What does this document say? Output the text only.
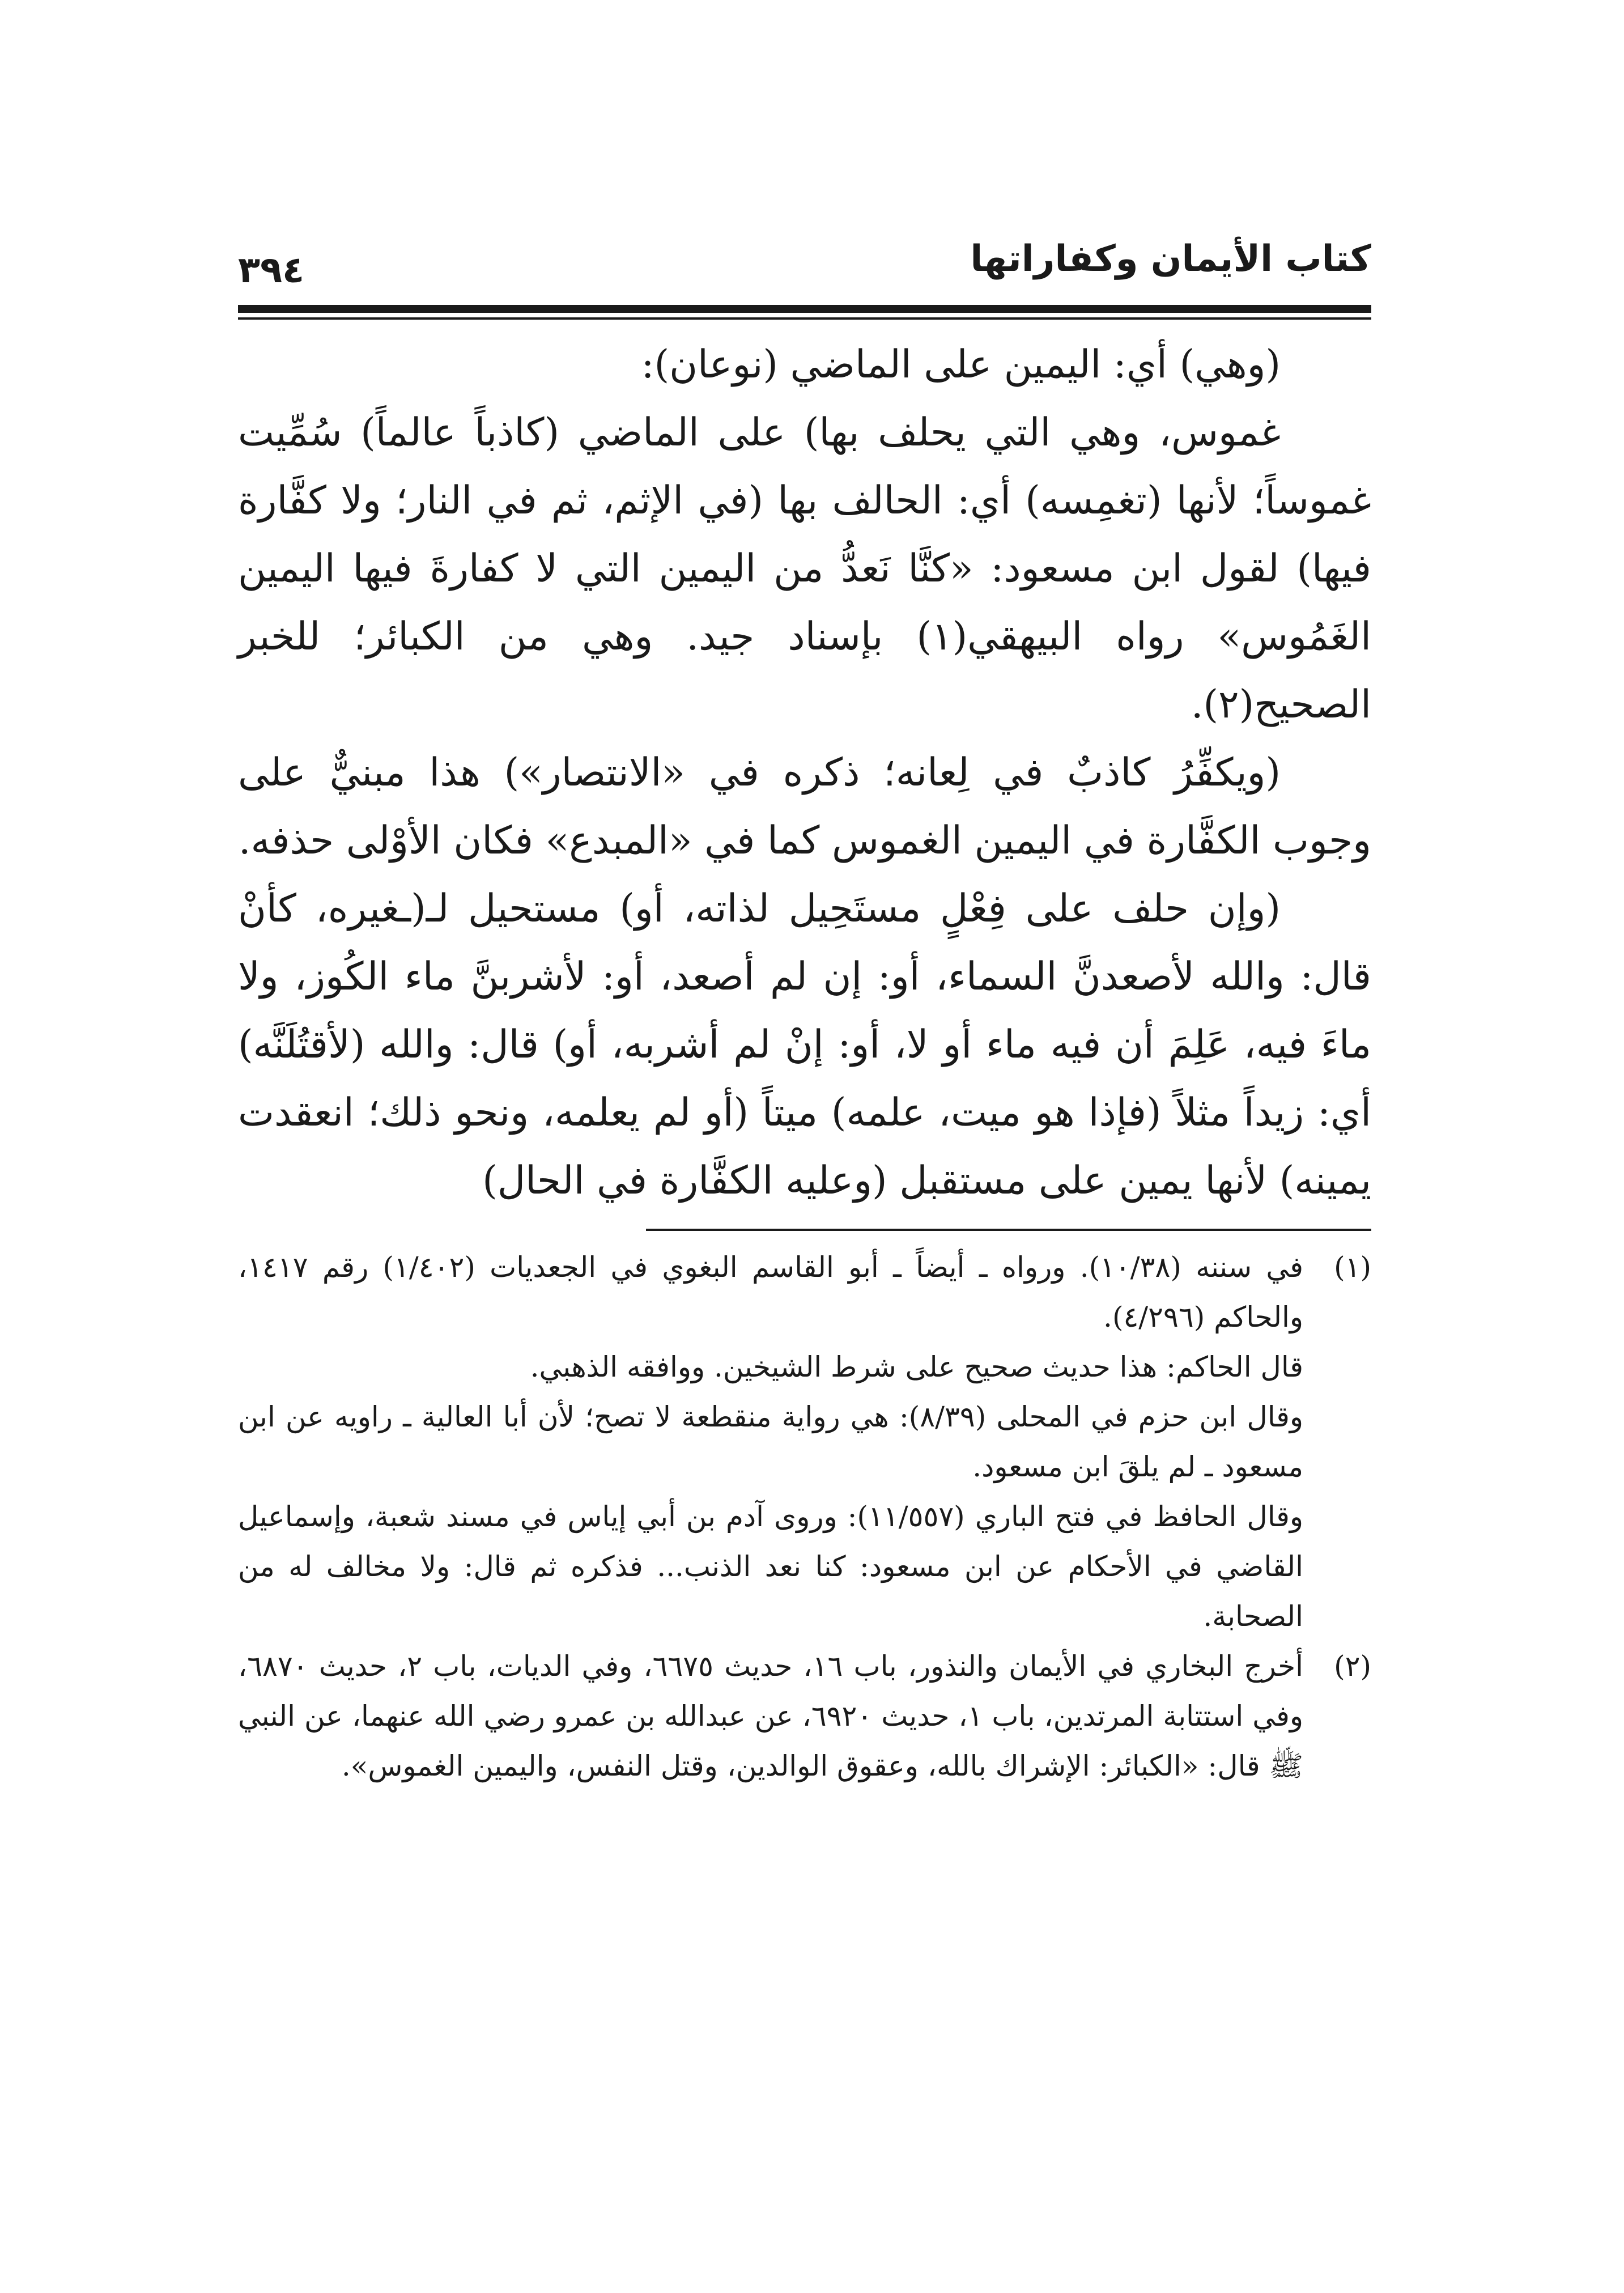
كتاب الأيمان وكفاراتها
٣٩٤

(وهي) أي: اليمين على الماضي (نوعان):

غموس، وهي التي يحلف بها) على الماضي (كاذباً عالماً) سُمِّيت غموساً؛ لأنها (تغمِسه) أي: الحالف بها (في الإثم، ثم في النار؛ ولا كفَّارة فيها) لقول ابن مسعود: «كنَّا نَعدُّ من اليمين التي لا كفارةَ فيها اليمين الغَمُوس» رواه البيهقي(١) بإسناد جيد. وهي من الكبائر؛ للخبر الصحيح(٢).

(ويكفِّرُ كاذبٌ في لِعانه؛ ذكره في «الانتصار») هذا مبنيٌّ على وجوب الكفَّارة في اليمين الغموس كما في «المبدع» فكان الأوْلى حذفه.

(وإن حلف على فِعْلٍ مستَحِيل لذاته، أو) مستحيل لـ(ـغيره، كأنْ قال: والله لأصعدنَّ السماء، أو: إن لم أصعد، أو: لأشربنَّ ماء الكُوز، ولا ماءَ فيه، عَلِمَ أن فيه ماء أو لا، أو: إنْ لم أشربه، أو) قال: والله (لأقتُلَنَّه) أي: زيداً مثلاً (فإذا هو ميت، علمه) ميتاً (أو لم يعلمه، ونحو ذلك؛ انعقدت يمينه) لأنها يمين على مستقبل (وعليه الكفَّارة في الحال)

(١)

في سننه (١٠/٣٨). ورواه ـ أيضاً ـ أبو القاسم البغوي في الجعديات (١/٤٠٢) رقم ١٤١٧، والحاكم (٤/٢٩٦).

قال الحاكم: هذا حديث صحيح على شرط الشيخين. ووافقه الذهبي.

وقال ابن حزم في المحلى (٨/٣٩): هي رواية منقطعة لا تصح؛ لأن أبا العالية ـ راويه عن ابن مسعود ـ لم يلقَ ابن مسعود.

وقال الحافظ في فتح الباري (١١/٥٥٧): وروى آدم بن أبي إياس في مسند شعبة، وإسماعيل القاضي في الأحكام عن ابن مسعود: كنا نعد الذنب... فذكره ثم قال: ولا مخالف له من الصحابة.

(٢)

أخرج البخاري في الأيمان والنذور، باب ١٦، حديث ٦٦٧٥، وفي الديات، باب ٢، حديث ٦٨٧٠، وفي استتابة المرتدين، باب ١، حديث ٦٩٢٠، عن عبدالله بن عمرو رضي الله عنهما، عن النبي ﷺ قال: «الكبائر: الإشراك بالله، وعقوق الوالدين، وقتل النفس، واليمين الغموس».
